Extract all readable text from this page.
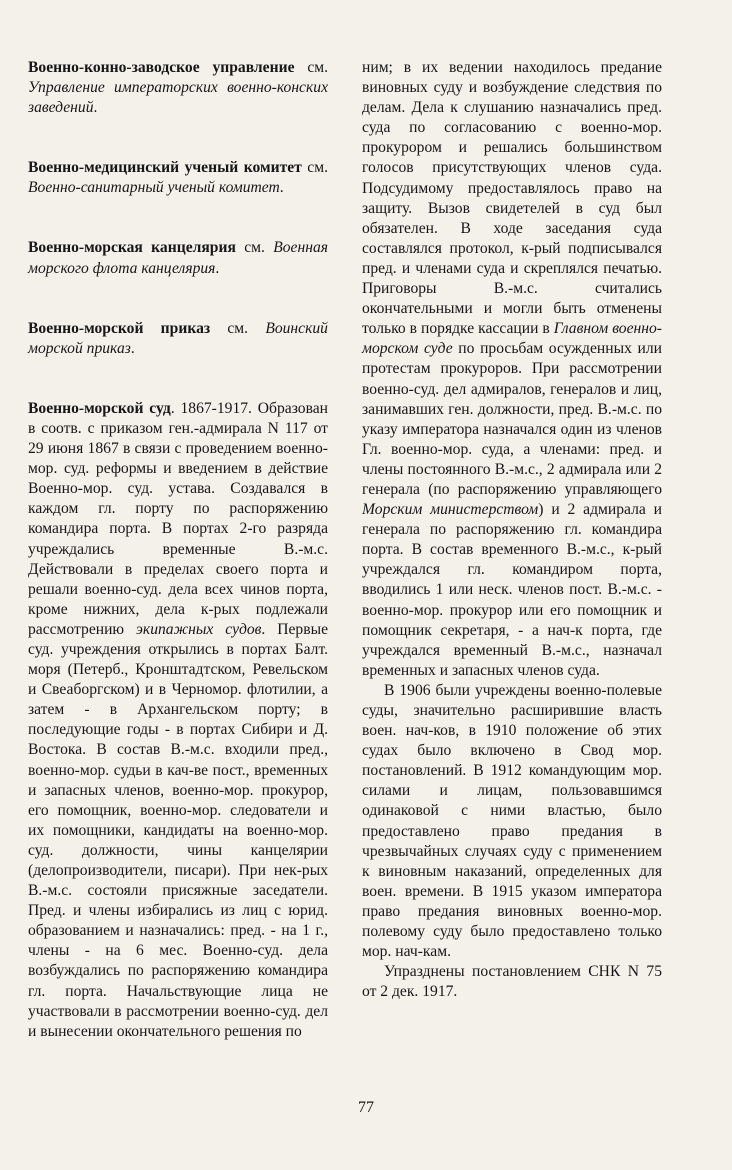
Военно-конно-заводское управление см. Управление императорских военно-конских заведений.

Военно-медицинский ученый комитет см. Военно-санитарный ученый комитет.

Военно-морская канцелярия см. Военная морского флота канцелярия.

Военно-морской приказ см. Воинский морской приказ.

Военно-морской суд. 1867-1917. Образован в соотв. с приказом ген.-адмирала N 117 от 29 июня 1867 в связи с проведением военно-мор. суд. реформы и введением в действие Военно-мор. суд. устава. Создавался в каждом гл. порту по распоряжению командира порта. В портах 2-го разряда учреждались временные В.-м.с. Действовали в пределах своего порта и решали военно-суд. дела всех чинов порта, кроме нижних, дела к-рых подлежали рассмотрению экипажных судов. Первые суд. учреждения открылись в портах Балт. моря (Петерб., Кронштадтском, Ревельском и Свеаборгском) и в Черномор. флотилии, а затем - в Архангельском порту; в последующие годы - в портах Сибири и Д. Востока. В состав В.-м.с. входили пред., военно-мор. судьи в кач-ве пост., временных и запасных членов, военно-мор. прокурор, его помощник, военно-мор. следователи и их помощники, кандидаты на военно-мор. суд. должности, чины канцелярии (делопроизводители, писари). При нек-рых В.-м.с. состояли присяжные заседатели. Пред. и члены избирались из лиц с юрид. образованием и назначались: пред. - на 1 г., члены - на 6 мес. Военно-суд. дела возбуждались по распоряжению командира гл. порта. Начальствующие лица не участвовали в рассмотрении военно-суд. дел и вынесении окончательного решения по

ним; в их ведении находилось предание виновных суду и возбуждение следствия по делам. Дела к слушанию назначались пред. суда по согласованию с военно-мор. прокурором и решались большинством голосов присутствующих членов суда. Подсудимому предоставлялось право на защиту. Вызов свидетелей в суд был обязателен. В ходе заседания суда составлялся протокол, к-рый подписывался пред. и членами суда и скреплялся печатью. Приговоры В.-м.с. считались окончательными и могли быть отменены только в порядке кассации в Главном военно-морском суде по просьбам осужденных или протестам прокуроров. При рассмотрении военно-суд. дел адмиралов, генералов и лиц, занимавших ген. должности, пред. В.-м.с. по указу императора назначался один из членов Гл. военно-мор. суда, а членами: пред. и члены постоянного В.-м.с., 2 адмирала или 2 генерала (по распоряжению управляющего Морским министерством) и 2 адмирала и генерала по распоряжению гл. командира порта. В состав временного В.-м.с., к-рый учреждался гл. командиром порта, вводились 1 или неск. членов пост. В.-м.с. - военно-мор. прокурор или его помощник и помощник секретаря, - а нач-к порта, где учреждался временный В.-м.с., назначал временных и запасных членов суда.

В 1906 были учреждены военно-полевые суды, значительно расширившие власть воен. нач-ков, в 1910 положение об этих судах было включено в Свод мор. постановлений. В 1912 командующим мор. силами и лицам, пользовавшимся одинаковой с ними властью, было предоставлено право предания в чрезвычайных случаях суду с применением к виновным наказаний, определенных для воен. времени. В 1915 указом императора право предания виновных военно-мор. полевому суду было предоставлено только мор. нач-кам.

Упразднены постановлением СНК N 75 от 2 дек. 1917.

77
